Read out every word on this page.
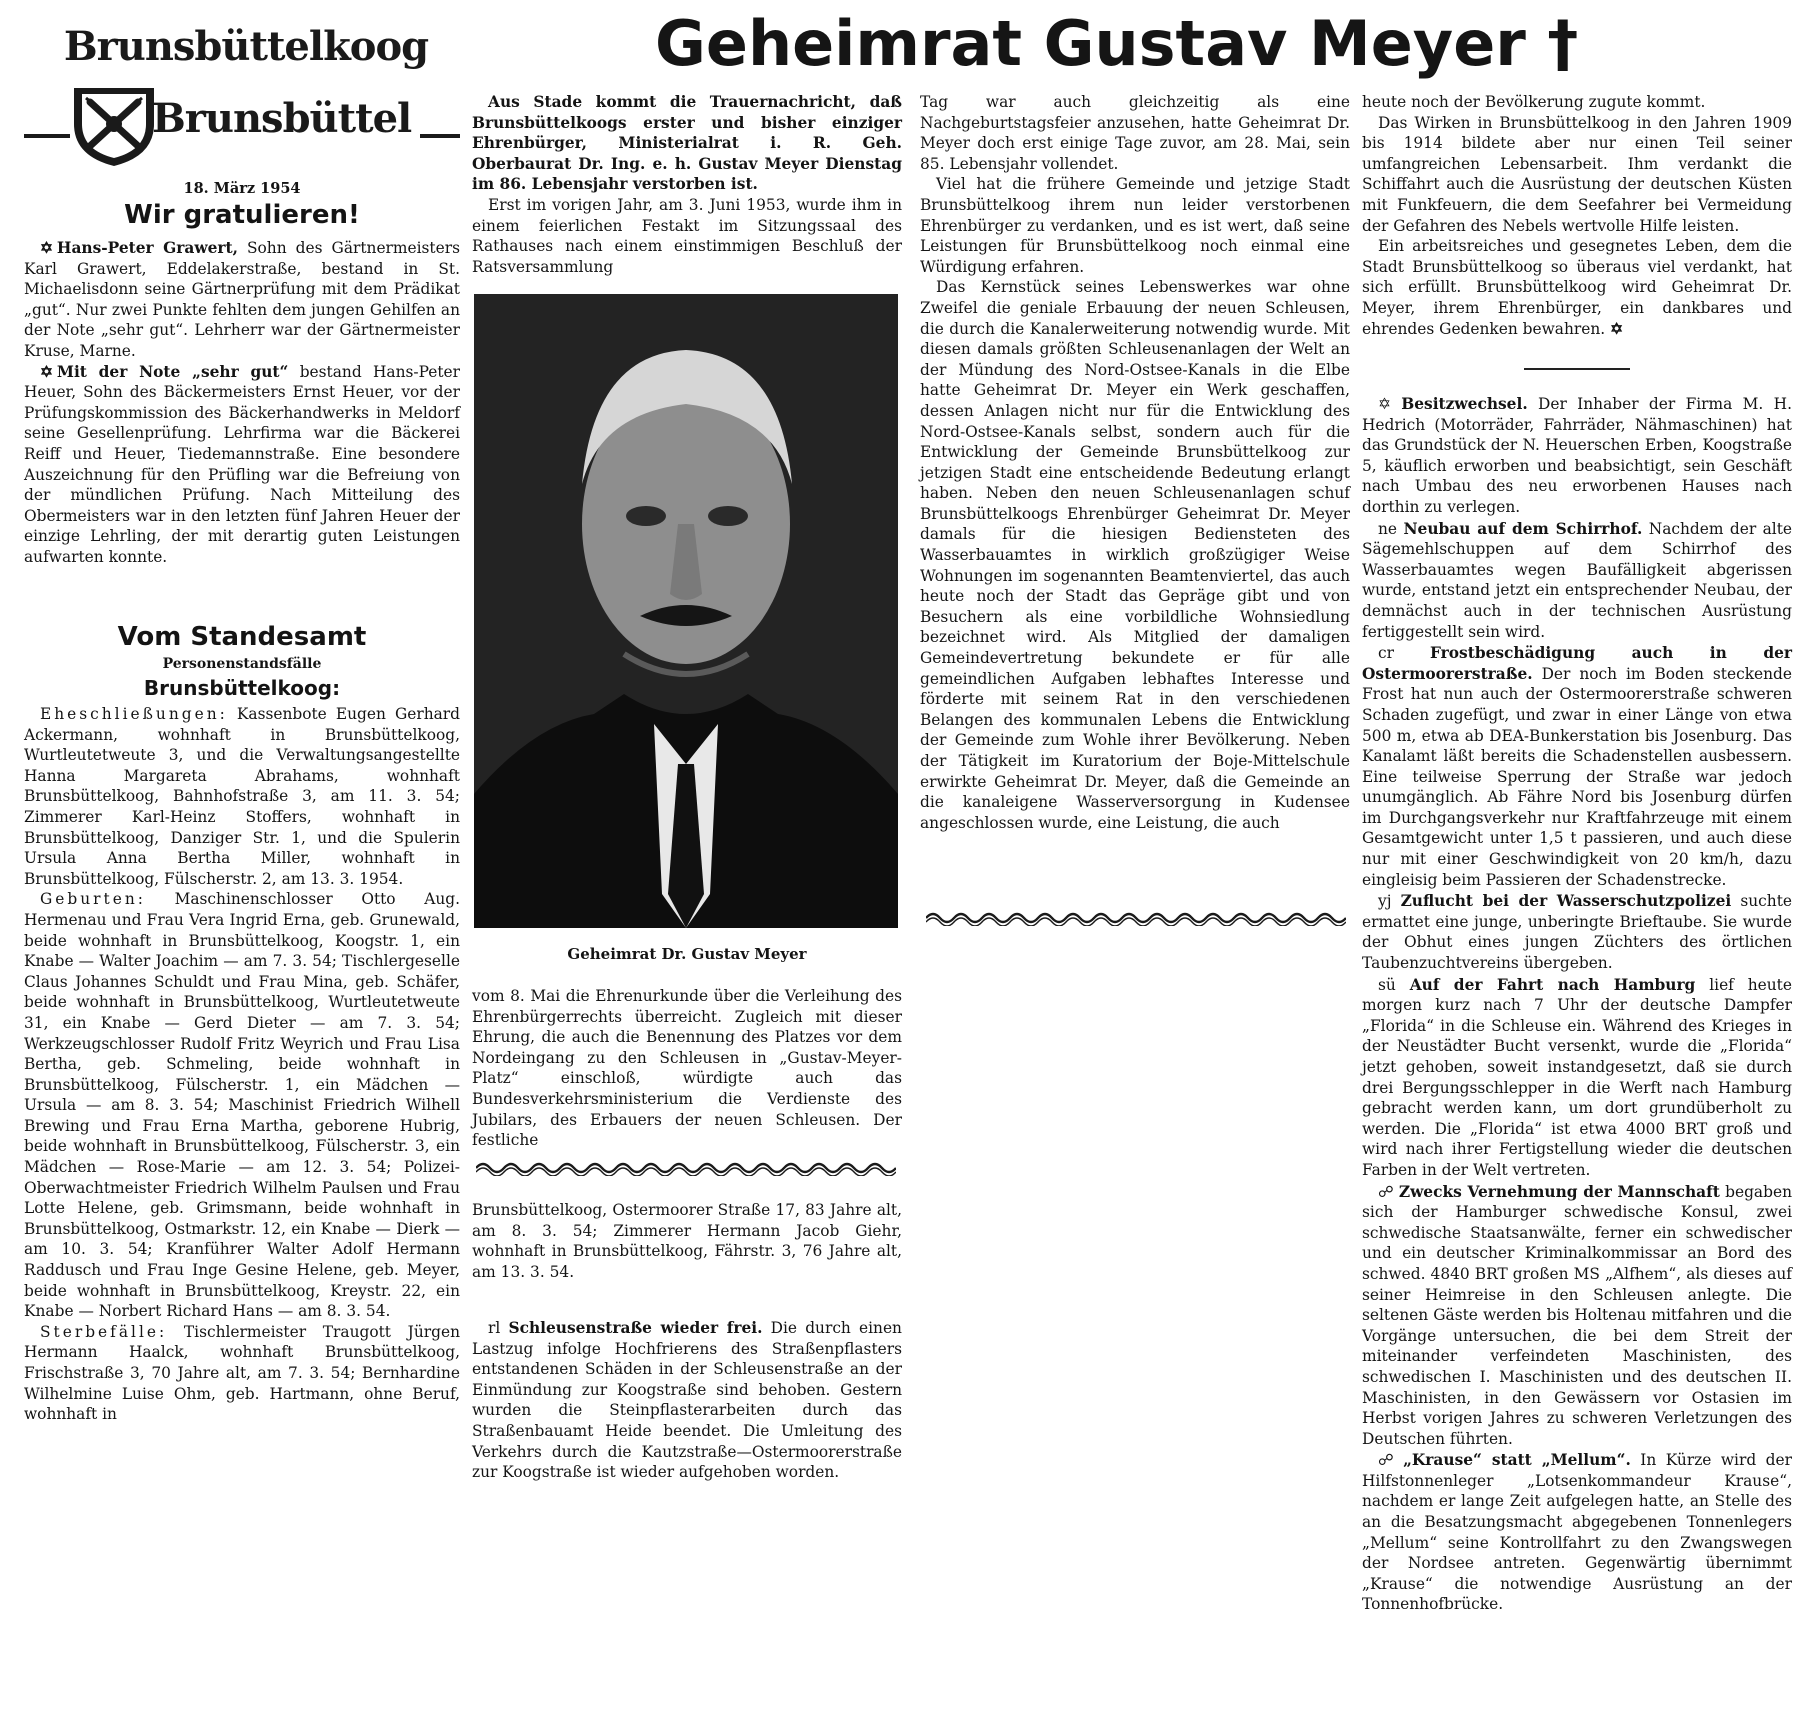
Brunsbüttelkoog
Brunsbüttel
18. März 1954
Wir gratulieren!

✡ Hans-Peter Grawert, Sohn des Gärtnermeisters Karl Grawert, Eddelakerstraße, bestand in St. Michaelisdonn seine Gärtnerprüfung mit dem Prädikat „gut“. Nur zwei Punkte fehlten dem jungen Gehilfen an der Note „sehr gut“. Lehrherr war der Gärtnermeister Kruse, Marne.

✡ Mit der Note „sehr gut“ bestand Hans-Peter Heuer, Sohn des Bäckermeisters Ernst Heuer, vor der Prüfungskommission des Bäckerhandwerks in Meldorf seine Gesellenprüfung. Lehrfirma war die Bäckerei Reiff und Heuer, Tiedemannstraße. Eine besondere Auszeichnung für den Prüfling war die Befreiung von der mündlichen Prüfung. Nach Mitteilung des Obermeisters war in den letzten fünf Jahren Heuer der einzige Lehrling, der mit derartig guten Leistungen aufwarten konnte.

Vom Standesamt
Personenstandsfälle
Brunsbüttelkoog:

Eheschließungen: Kassenbote Eugen Gerhard Ackermann, wohnhaft in Brunsbüttelkoog, Wurtleutetweute 3, und die Verwaltungsangestellte Hanna Margareta Abrahams, wohnhaft Brunsbüttelkoog, Bahnhofstraße 3, am 11. 3. 54; Zimmerer Karl-Heinz Stoffers, wohnhaft in Brunsbüttelkoog, Danziger Str. 1, und die Spulerin Ursula Anna Bertha Miller, wohnhaft in Brunsbüttelkoog, Fülscherstr. 2, am 13. 3. 1954.

Geburten: Maschinenschlosser Otto Aug. Hermenau und Frau Vera Ingrid Erna, geb. Grunewald, beide wohnhaft in Brunsbüttelkoog, Koogstr. 1, ein Knabe — Walter Joachim — am 7. 3. 54; Tischlergeselle Claus Johannes Schuldt und Frau Mina, geb. Schäfer, beide wohnhaft in Brunsbüttelkoog, Wurtleutetweute 31, ein Knabe — Gerd Dieter — am 7. 3. 54; Werkzeugschlosser Rudolf Fritz Weyrich und Frau Lisa Bertha, geb. Schmeling, beide wohnhaft in Brunsbüttelkoog, Fülscherstr. 1, ein Mädchen — Ursula — am 8. 3. 54; Maschinist Friedrich Wilhell Brewing und Frau Erna Martha, geborene Hubrig, beide wohnhaft in Brunsbüttelkoog, Fülscherstr. 3, ein Mädchen — Rose-Marie — am 12. 3. 54; Polizei-Oberwachtmeister Friedrich Wilhelm Paulsen und Frau Lotte Helene, geb. Grimsmann, beide wohnhaft in Brunsbüttelkoog, Ostmarkstr. 12, ein Knabe — Dierk — am 10. 3. 54; Kranführer Walter Adolf Hermann Raddusch und Frau Inge Gesine Helene, geb. Meyer, beide wohnhaft in Brunsbüttelkoog, Kreystr. 22, ein Knabe — Norbert Richard Hans — am 8. 3. 54.

Sterbefälle: Tischlermeister Traugott Jürgen Hermann Haalck, wohnhaft Brunsbüttelkoog, Frischstraße 3, 70 Jahre alt, am 7. 3. 54; Bernhardine Wilhelmine Luise Ohm, geb. Hartmann, ohne Beruf, wohnhaft in

Geheimrat Gustav Meyer †

Aus Stade kommt die Trauernachricht, daß Brunsbüttelkoogs erster und bisher einziger Ehrenbürger, Ministerialrat i. R. Geh. Oberbaurat Dr. Ing. e. h. Gustav Meyer Dienstag im 86. Lebensjahr verstorben ist.

Erst im vorigen Jahr, am 3. Juni 1953, wurde ihm in einem feierlichen Festakt im Sitzungssaal des Rathauses nach einem einstimmigen Beschluß der Ratsversammlung

Geheimrat Dr. Gustav Meyer

vom 8. Mai die Ehrenurkunde über die Verleihung des Ehrenbürgerrechts überreicht. Zugleich mit dieser Ehrung, die auch die Benennung des Platzes vor dem Nordeingang zu den Schleusen in „Gustav-Meyer-Platz“ einschloß, würdigte auch das Bundesverkehrsministerium die Verdienste des Jubilars, des Erbauers der neuen Schleusen. Der festliche

Brunsbüttelkoog, Ostermoorer Straße 17, 83 Jahre alt, am 8. 3. 54; Zimmerer Hermann Jacob Giehr, wohnhaft in Brunsbüttelkoog, Fährstr. 3, 76 Jahre alt, am 13. 3. 54.

rl Schleusenstraße wieder frei. Die durch einen Lastzug infolge Hochfrierens des Straßenpflasters entstandenen Schäden in der Schleusenstraße an der Einmündung zur Koogstraße sind behoben. Gestern wurden die Steinpflasterarbeiten durch das Straßenbauamt Heide beendet. Die Umleitung des Verkehrs durch die Kautzstraße—Ostermoorerstraße zur Koogstraße ist wieder aufgehoben worden.

Tag war auch gleichzeitig als eine Nachgeburtstagsfeier anzusehen, hatte Geheimrat Dr. Meyer doch erst einige Tage zuvor, am 28. Mai, sein 85. Lebensjahr vollendet.

Viel hat die frühere Gemeinde und jetzige Stadt Brunsbüttelkoog ihrem nun leider verstorbenen Ehrenbürger zu verdanken, und es ist wert, daß seine Leistungen für Brunsbüttelkoog noch einmal eine Würdigung erfahren.

Das Kernstück seines Lebenswerkes war ohne Zweifel die geniale Erbauung der neuen Schleusen, die durch die Kanalerweiterung notwendig wurde. Mit diesen damals größten Schleusenanlagen der Welt an der Mündung des Nord-Ostsee-Kanals in die Elbe hatte Geheimrat Dr. Meyer ein Werk geschaffen, dessen Anlagen nicht nur für die Entwicklung des Nord-Ostsee-Kanals selbst, sondern auch für die Entwicklung der Gemeinde Brunsbüttelkoog zur jetzigen Stadt eine entscheidende Bedeutung erlangt haben. Neben den neuen Schleusenanlagen schuf Brunsbüttelkoogs Ehrenbürger Geheimrat Dr. Meyer damals für die hiesigen Bediensteten des Wasserbauamtes in wirklich großzügiger Weise Wohnungen im sogenannten Beamtenviertel, das auch heute noch der Stadt das Gepräge gibt und von Besuchern als eine vorbildliche Wohnsiedlung bezeichnet wird. Als Mitglied der damaligen Gemeindevertretung bekundete er für alle gemeindlichen Aufgaben lebhaftes Interesse und förderte mit seinem Rat in den verschiedenen Belangen des kommunalen Lebens die Entwicklung der Gemeinde zum Wohle ihrer Bevölkerung. Neben der Tätigkeit im Kuratorium der Boje-Mittelschule erwirkte Geheimrat Dr. Meyer, daß die Gemeinde an die kanaleigene Wasserversorgung in Kudensee angeschlossen wurde, eine Leistung, die auch

heute noch der Bevölkerung zugute kommt.

Das Wirken in Brunsbüttelkoog in den Jahren 1909 bis 1914 bildete aber nur einen Teil seiner umfangreichen Lebensarbeit. Ihm verdankt die Schiffahrt auch die Ausrüstung der deutschen Küsten mit Funkfeuern, die dem Seefahrer bei Vermeidung der Gefahren des Nebels wertvolle Hilfe leisten.

Ein arbeitsreiches und gesegnetes Leben, dem die Stadt Brunsbüttelkoog so überaus viel verdankt, hat sich erfüllt. Brunsbüttelkoog wird Geheimrat Dr. Meyer, ihrem Ehrenbürger, ein dankbares und ehrendes Gedenken bewahren. ✡

✡ Besitzwechsel. Der Inhaber der Firma M. H. Hedrich (Motorräder, Fahrräder, Nähmaschinen) hat das Grundstück der N. Heuerschen Erben, Koogstraße 5, käuflich erworben und beabsichtigt, sein Geschäft nach Umbau des neu erworbenen Hauses nach dorthin zu verlegen.

ne Neubau auf dem Schirrhof. Nachdem der alte Sägemehlschuppen auf dem Schirrhof des Wasserbauamtes wegen Baufälligkeit abgerissen wurde, entstand jetzt ein entsprechender Neubau, der demnächst auch in der technischen Ausrüstung fertiggestellt sein wird.

cr Frostbeschädigung auch in der Ostermoorerstraße. Der noch im Boden steckende Frost hat nun auch der Ostermoorerstraße schweren Schaden zugefügt, und zwar in einer Länge von etwa 500 m, etwa ab DEA-Bunkerstation bis Josenburg. Das Kanalamt läßt bereits die Schadenstellen ausbessern. Eine teilweise Sperrung der Straße war jedoch unumgänglich. Ab Fähre Nord bis Josenburg dürfen im Durchgangsverkehr nur Kraftfahrzeuge mit einem Gesamtgewicht unter 1,5 t passieren, und auch diese nur mit einer Geschwindigkeit von 20 km/h, dazu eingleisig beim Passieren der Schadenstrecke.

yj Zuflucht bei der Wasserschutzpolizei suchte ermattet eine junge, unberingte Brieftaube. Sie wurde der Obhut eines jungen Züchters des örtlichen Taubenzuchtvereins übergeben.

sü Auf der Fahrt nach Hamburg lief heute morgen kurz nach 7 Uhr der deutsche Dampfer „Florida“ in die Schleuse ein. Während des Krieges in der Neustädter Bucht versenkt, wurde die „Florida“ jetzt gehoben, soweit instandgesetzt, daß sie durch drei Bergungsschlepper in die Werft nach Hamburg gebracht werden kann, um dort grundüberholt zu werden. Die „Florida“ ist etwa 4000 BRT groß und wird nach ihrer Fertigstellung wieder die deutschen Farben in der Welt vertreten.

☍ Zwecks Vernehmung der Mannschaft begaben sich der Hamburger schwedische Konsul, zwei schwedische Staatsanwälte, ferner ein schwedischer und ein deutscher Kriminalkommissar an Bord des schwed. 4840 BRT großen MS „Alfhem“, als dieses auf seiner Heimreise in den Schleusen anlegte. Die seltenen Gäste werden bis Holtenau mitfahren und die Vorgänge untersuchen, die bei dem Streit der miteinander verfeindeten Maschinisten, des schwedischen I. Maschinisten und des deutschen II. Maschinisten, in den Gewässern vor Ostasien im Herbst vorigen Jahres zu schweren Verletzungen des Deutschen führten.

☍ „Krause“ statt „Mellum“. In Kürze wird der Hilfstonnenleger „Lotsenkommandeur Krause“, nachdem er lange Zeit aufgelegen hatte, an Stelle des an die Besatzungsmacht abgegebenen Tonnenlegers „Mellum“ seine Kontrollfahrt zu den Zwangswegen der Nordsee antreten. Gegenwärtig übernimmt „Krause“ die notwendige Ausrüstung an der Tonnenhofbrücke.
